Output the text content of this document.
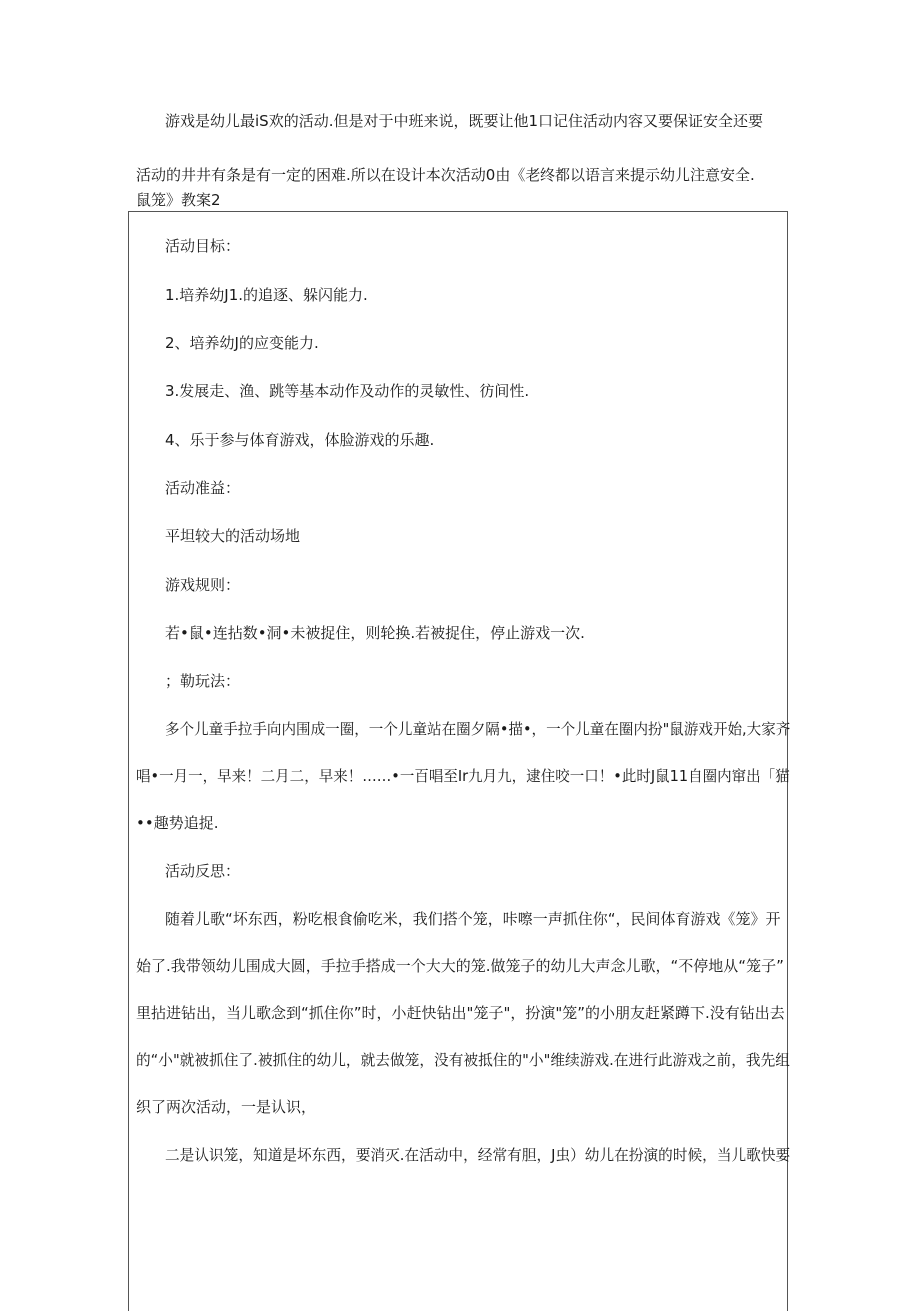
游戏是幼儿最iS欢的活动.但是对于中班来说，既要让他1口记住活动内容又要保证安全还要
活动的井井有条是有一定的困难.所以在设计本次活动0由《老 终都以语言来提示幼儿注意安全.
鼠笼》教案2
活动目标：
1.培养幼J1.的追逐、躲闪能力.
2、培养幼J的应变能力.
3.发展走、渔、跳等基本动作及动作的灵敏性、彷间性.
4、乐于参与体育游戏，体脸游戏的乐趣.
活动准益：
平坦较大的活动场地
游戏规则：
若•鼠•连拈数•洞•未被捉住，则轮换.若被捉住，停止游戏一次.
；勒玩法：
多个儿童手拉手向内围成一圈，一个儿童站在圈夕隔•描•，一个儿童在圈内扮"鼠游戏开始,大家齐
唱•一月一，早来！二月二，早来！……•一百唱至Ir九月九，逮住咬一口！•此时J鼠11自圈内窜出「猫
••趣势追捉.
活动反思：
随着儿歌“坏东西，粉吃根食偷吃米，我们搭个笼，咔嚓一声抓住你“，民间体育游戏《笼》开
始了.我带领幼儿围成大圆，手拉手搭成一个大大的笼.做笼子的幼儿大声念儿歌，“不停地从“笼子”
里拈进钻出，当儿歌念到“抓住你”时，小赶快钻出"笼子"，扮演"笼”的小朋友赶紧蹲下.没有钻出去
的“小"就被抓住了.被抓住的幼儿，就去做笼，没有被抵住的"小"维续游戏.在进行此游戏之前，我先组
织了两次活动，一是认识，
二是认识笼，知道是坏东西，要消灭.在活动中，经常有胆，J虫）幼儿在扮演的时候，当儿歌快要
